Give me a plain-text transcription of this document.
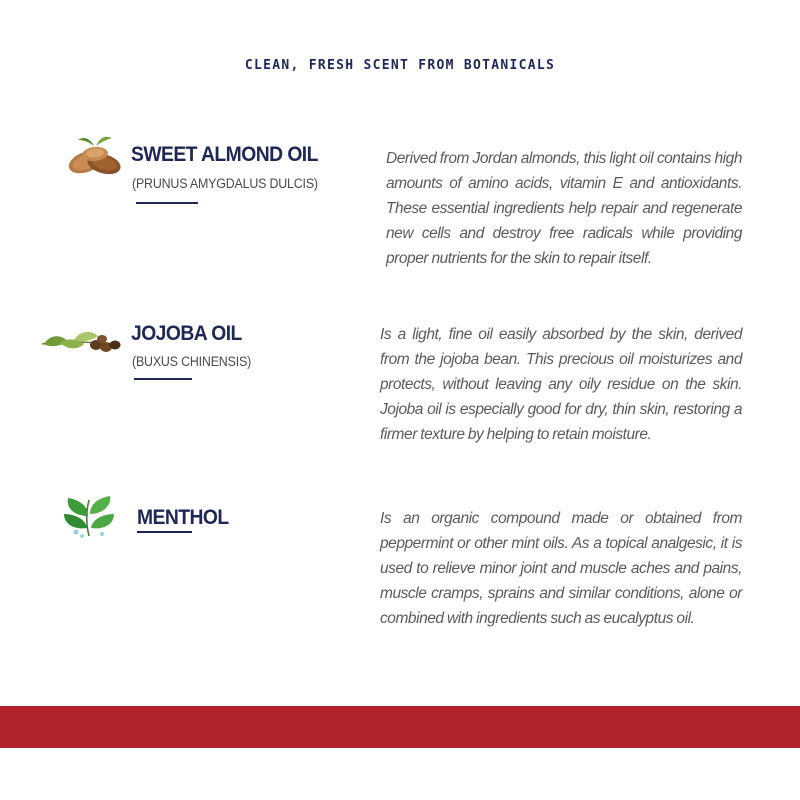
CLEAN, FRESH SCENT FROM BOTANICALS
SWEET ALMOND OIL
(PRUNUS AMYGDALUS DULCIS)

Derived from Jordan almonds, this light oil contains high amounts of amino acids, vitamin E and antioxidants. These essential ingredients help repair and regenerate new cells and destroy free radicals while providing proper nutrients for the skin to repair itself.

JOJOBA OIL
(BUXUS CHINENSIS)

Is a light, fine oil easily absorbed by the skin, derived from the jojoba bean. This precious oil moisturizes and protects, without leaving any oily residue on the skin. Jojoba oil is especially good for dry, thin skin, restoring a firmer texture by helping to retain moisture.

MENTHOL	Is an organic compound made or obtained from peppermint or other mint oils. As a topical analgesic, it is used to relieve minor joint and muscle aches and pains, muscle cramps, sprains and similar conditions, alone or combined with ingredients such as eucalyptus oil.
